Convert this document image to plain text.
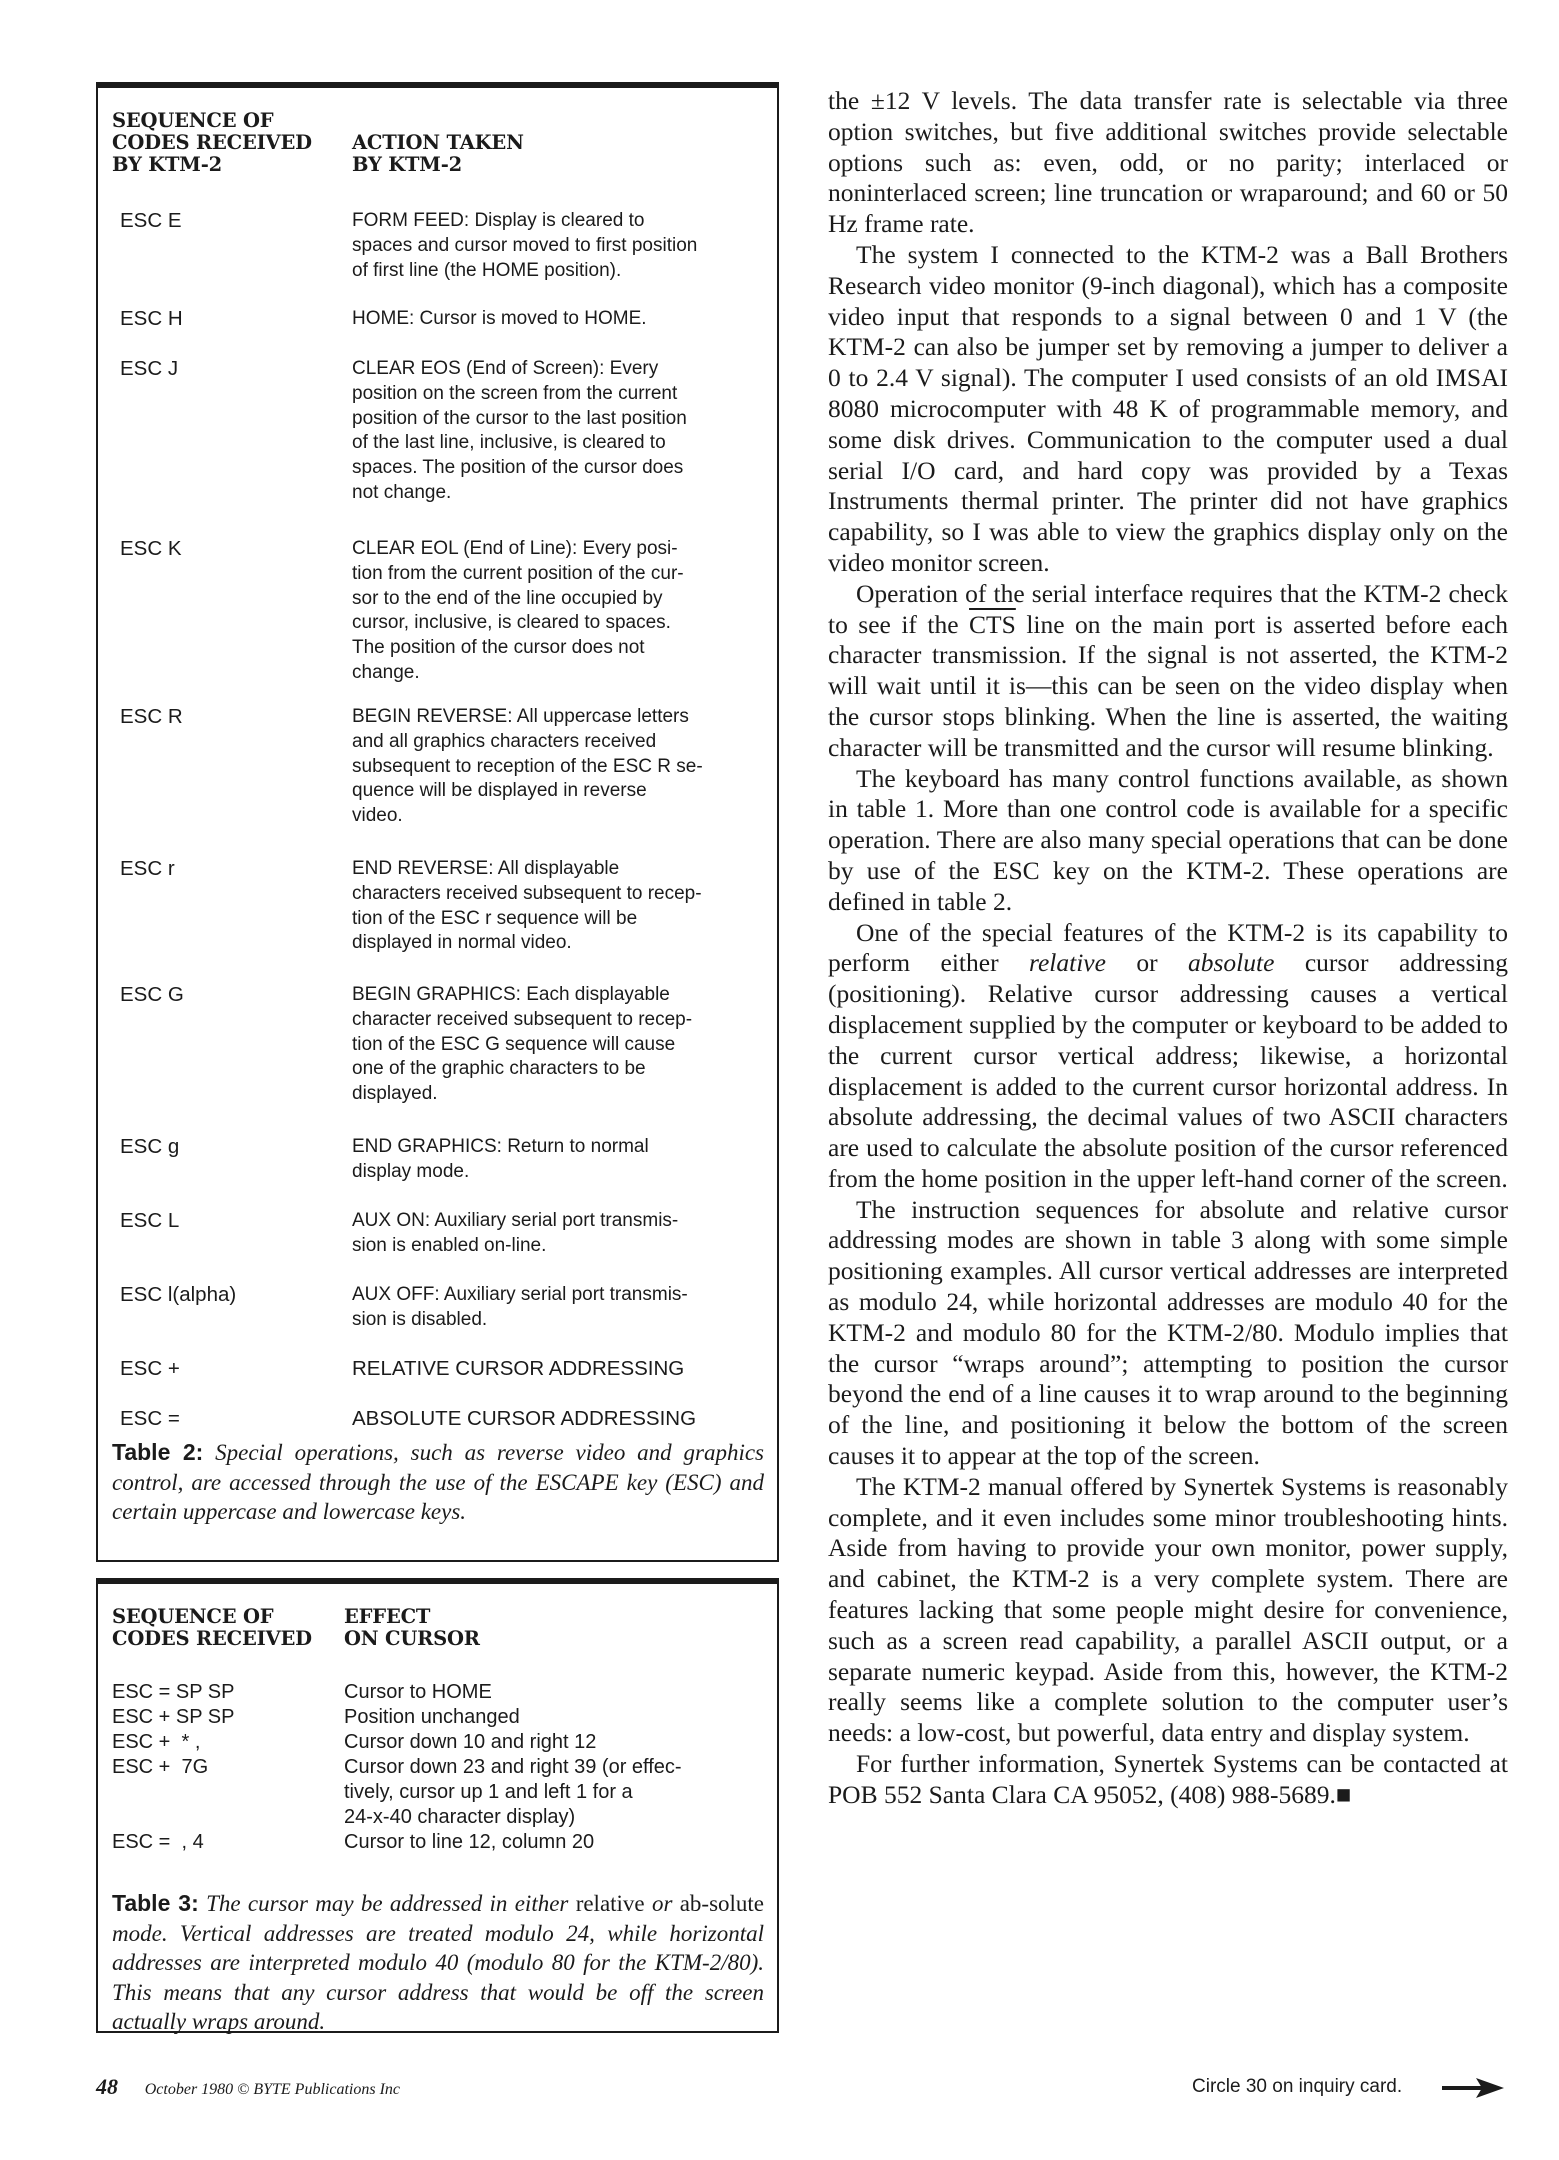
SEQUENCE OF
CODES RECEIVED
BY KTM-2
ACTION TAKEN
BY KTM-2
ESC E	FORM FEED: Display is cleared to
spaces and cursor moved to first position
of first line (the HOME position).
ESC H	HOME: Cursor is moved to HOME.
ESC J	CLEAR EOS (End of Screen): Every
position on the screen from the current
position of the cursor to the last position
of the last line, inclusive, is cleared to
spaces. The position of the cursor does
not change.
ESC K	CLEAR EOL (End of Line): Every posi-
tion from the current position of the cur-
sor to the end of the line occupied by
cursor, inclusive, is cleared to spaces.
The position of the cursor does not
change.
ESC R	BEGIN REVERSE: All uppercase letters
and all graphics characters received
subsequent to reception of the ESC R se-
quence will be displayed in reverse
video.
ESC r	END REVERSE: All displayable
characters received subsequent to recep-
tion of the ESC r sequence will be
displayed in normal video.
ESC G	BEGIN GRAPHICS: Each displayable
character received subsequent to recep-
tion of the ESC G sequence will cause
one of the graphic characters to be
displayed.
ESC g	END GRAPHICS: Return to normal
display mode.
ESC L	AUX ON: Auxiliary serial port transmis-
sion is enabled on-line.
ESC l(alpha)	AUX OFF: Auxiliary serial port transmis-
sion is disabled.
ESC +	RELATIVE CURSOR ADDRESSING
ESC =	ABSOLUTE CURSOR ADDRESSING
Table 2: Special operations, such as reverse video and graphics control, are accessed through the use of the ESCAPE key (ESC) and certain uppercase and lowercase keys.
SEQUENCE OF
CODES RECEIVED
EFFECT
ON CURSOR
ESC = SP SP	Cursor to HOME
ESC + SP SP	Position unchanged
ESC +  * ,	Cursor down 10 and right 12
ESC +  7G	Cursor down 23 and right 39 (or effec-
tively, cursor up 1 and left 1 for a
24-x-40 character display)
ESC =  , 4	Cursor to line 12, column 20
Table 3: The cursor may be addressed in either relative or ab-solute mode. Vertical addresses are treated modulo 24, while horizontal addresses are interpreted modulo 40 (modulo 80 for the KTM-2/80). This means that any cursor address that would be off the screen actually wraps around.

the ±12 V levels. The data transfer rate is selectable via three option switches, but five additional switches provide selectable options such as: even, odd, or no parity; interlaced or noninterlaced screen; line truncation or wraparound; and 60 or 50 Hz frame rate.

The system I connected to the KTM-2 was a Ball Brothers Research video monitor (9-inch diagonal), which has a composite video input that responds to a signal between 0 and 1 V (the KTM-2 can also be jumper set by removing a jumper to deliver a 0 to 2.4 V signal). The computer I used consists of an old IMSAI 8080 microcomputer with 48 K of programmable memory, and some disk drives. Communication to the computer used a dual serial I/O card, and hard copy was provided by a Texas Instruments thermal printer. The printer did not have graphics capability, so I was able to view the graphics display only on the video monitor screen.

Operation of the serial interface requires that the KTM-2 check to see if the $\overline{CTS}$ line on the main port is asserted before each character transmission. If the signal is not asserted, the KTM-2 will wait until it is—this can be seen on the video display when the cursor stops blinking. When the line is asserted, the waiting character will be transmitted and the cursor will resume blinking.

The keyboard has many control functions available, as shown in table 1. More than one control code is available for a specific operation. There are also many special operations that can be done by use of the ESC key on the KTM-2. These operations are defined in table 2.

One of the special features of the KTM-2 is its capability to perform either relative or absolute cursor addressing (positioning). Relative cursor addressing causes a vertical displacement supplied by the computer or keyboard to be added to the current cursor vertical address; likewise, a horizontal displacement is added to the current cursor horizontal address. In absolute addressing, the decimal values of two ASCII characters are used to calculate the absolute position of the cursor referenced from the home position in the upper left-hand corner of the screen.

The instruction sequences for absolute and relative cursor addressing modes are shown in table 3 along with some simple positioning examples. All cursor vertical addresses are interpreted as modulo 24, while horizontal addresses are modulo 40 for the KTM-2 and modulo 80 for the KTM-2/80. Modulo implies that the cursor “wraps around”; attempting to position the cursor beyond the end of a line causes it to wrap around to the beginning of the line, and positioning it below the bottom of the screen causes it to appear at the top of the screen.

The KTM-2 manual offered by Synertek Systems is reasonably complete, and it even includes some minor troubleshooting hints. Aside from having to provide your own monitor, power supply, and cabinet, the KTM-2 is a very complete system. There are features lacking that some people might desire for convenience, such as a screen read capability, a parallel ASCII output, or a separate numeric keypad. Aside from this, however, the KTM-2 really seems like a complete solution to the computer user’s needs: a low-cost, but powerful, data entry and display system.

For further information, Synertek Systems can be contacted at POB 552 Santa Clara CA 95052, (408) 988-5689.■

48 October 1980 © BYTE Publications Inc	Circle 30 on inquiry card.
